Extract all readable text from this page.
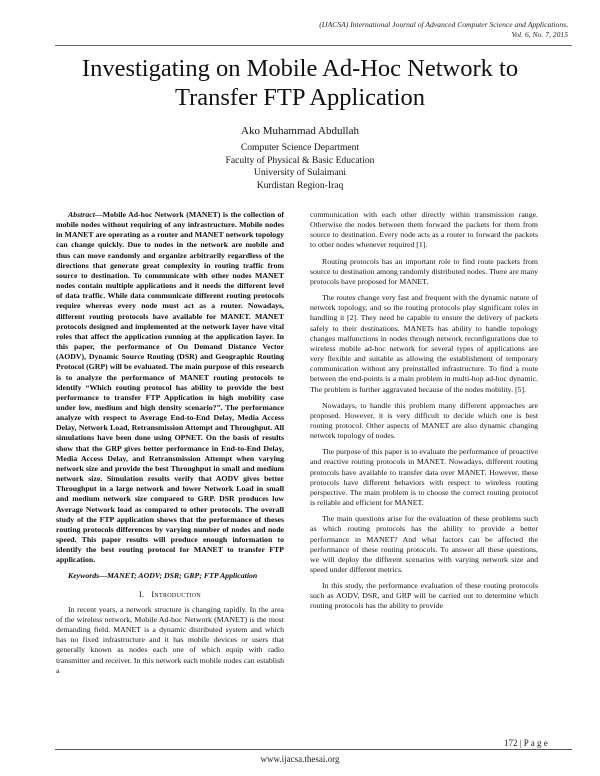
(IJACSA) International Journal of Advanced Computer Science and Applications,
Vol. 6, No. 7, 2015
Investigating on Mobile Ad-Hoc Network to
Transfer FTP Application
Ako Muhammad Abdullah
Computer Science Department
Faculty of Physical & Basic Education
University of Sulaimani
Kurdistan Region-Iraq

Abstract—Mobile Ad-hoc Network (MANET) is the collection of mobile nodes without requiring of any infrastructure. Mobile nodes in MANET are operating as a router and MANET network topology can change quickly. Due to nodes in the network are mobile and thus can move randomly and organize arbitrarily regardless of the directions that generate great complexity in routing traffic from source to destination. To communicate with other nodes MANET nodes contain multiple applications and it needs the different level of data traffic. While data communicate different routing protocols require whereas every node must act as a router. Nowadays, different routing protocols have available for MANET. MANET protocols designed and implemented at the network layer have vital roles that affect the application running at the application layer. In this paper, the performance of On Demand Distance Vector (AODV), Dynamic Source Routing (DSR) and Geographic Routing Protocol (GRP) will be evaluated. The main purpose of this research is to analyze the performance of MANET routing protocols to identify “Which routing protocol has ability to provide the best performance to transfer FTP Application in high mobility case under low, medium and high density scenario?”. The performance analyze with respect to Average End-to-End Delay, Media Access Delay, Network Load, Retransmission Attempt and Throughput. All simulations have been done using OPNET. On the basis of results show that the GRP gives better performance in End-to-End Delay, Media Access Delay, and Retransmission Attempt when varying network size and provide the best Throughput in small and medium network size. Simulation results verify that AODV gives better Throughput in a large network and lower Network Load in small and medium network size compared to GRP. DSR produces low Average Network load as compared to other protocols. The overall study of the FTP application shows that the performance of theses routing protocols differences by varying number of nodes and node speed. This paper results will produce enough information to identify the best routing protocol for MANET to transfer FTP application.

Keywords—MANET; AODV; DSR; GRP; FTP Application

I. Introduction

In recent years, a network structure is changing rapidly. In the area of the wireless network, Mobile Ad-hoc Network (MANET) is the most demanding field. MANET is a dynamic distributed system and which has no fixed infrastructure and it has mobile devices or users that generally known as nodes each one of which equip with radio transmitter and receiver. In this network each mobile nodes can establish a

communication with each other directly within transmission range. Otherwise the nodes between them forward the packets for them from source to destination. Every node acts as a router to forward the packets to other nodes whenever required [1].

Routing protocols has an important role to find route packets from source to destination among randomly distributed nodes. There are many protocols have proposed for MANET.

The routes change very fast and frequent with the dynamic nature of network topology, and so the routing protocols play significant roles in handling it [2]. They need be capable to ensure the delivery of packets safely to their destinations. MANETs has ability to handle topology changes malfunctions in nodes through network reconfigurations due to wireless mobile ad-hoc network for several types of applications are very flexible and suitable as allowing the establishment of temporary communication without any preinstalled infrastructure. To find a route between the end-points is a main problem in multi-hop ad-hoc dynamic. The problem is further aggravated because of the nodes mobility. [5].

Nowadays, to handle this problem many different approaches are proposed. However, it is very difficult to decide which one is best routing protocol. Other aspects of MANET are also dynamic changing network topology of nodes.

The purpose of this paper is to evaluate the performance of proactive and reactive routing protocols in MANET. Nowadays, different routing protocols have available to transfer data over MANET. However, these protocols have different behaviors with respect to wireless routing perspective. The main problem is to choose the correct routing protocol is reliable and efficient for MANET.

The main questions arise for the evaluation of these problems such as which routing protocols has the ability to provide a better performance in MANET? And what factors can be affected the performance of these routing protocols. To answer all these questions, we will deploy the different scenarios with varying network size and speed under different metrics.

In this study, the performance evaluation of these routing protocols such as AODV, DSR, and GRP will be carried out to determine which routing protocols has the ability to provide

172 | P a g e
www.ijacsa.thesai.org
